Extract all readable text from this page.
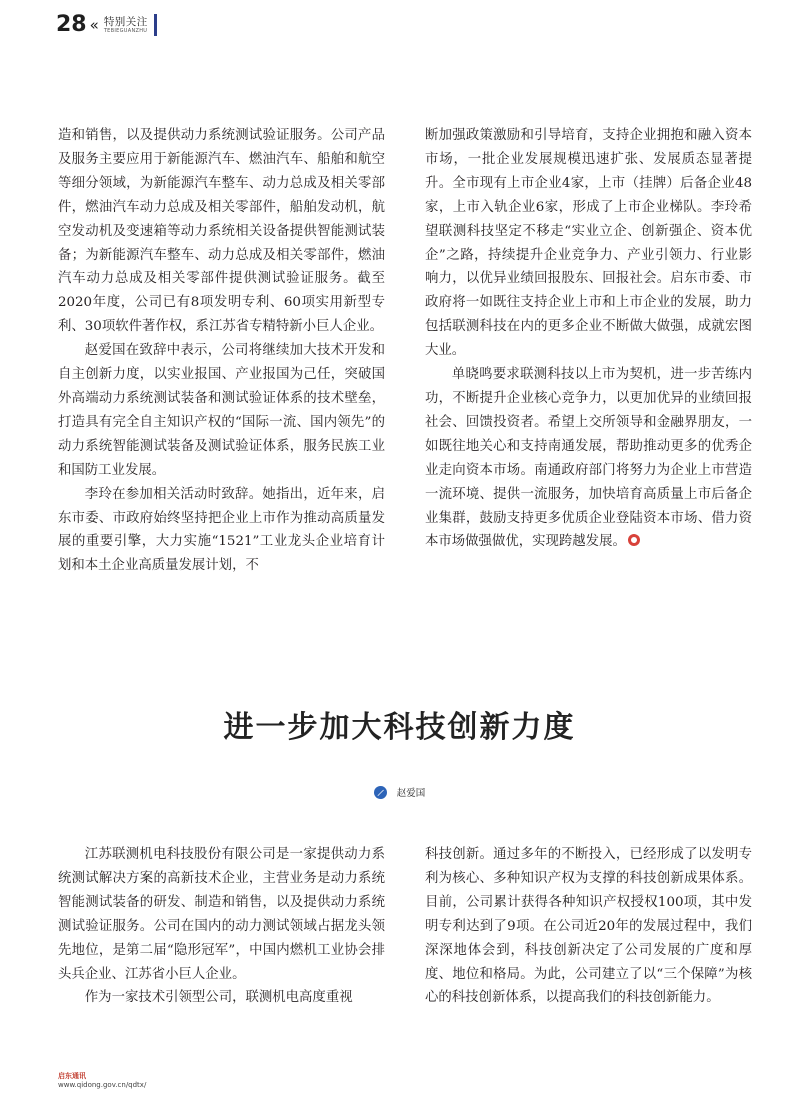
28 « 特别关注
TEBIEGUANZHU

造和销售，以及提供动力系统测试验证服务。公司产品及服务主要应用于新能源汽车、燃油汽车、船舶和航空等细分领域，为新能源汽车整车、动力总成及相关零部件，燃油汽车动力总成及相关零部件，船舶发动机，航空发动机及变速箱等动力系统相关设备提供智能测试装备；为新能源汽车整车、动力总成及相关零部件，燃油汽车动力总成及相关零部件提供测试验证服务。截至2020年度，公司已有8项发明专利、60项实用新型专利、30项软件著作权，系江苏省专精特新小巨人企业。

赵爱国在致辞中表示，公司将继续加大技术开发和自主创新力度，以实业报国、产业报国为己任，突破国外高端动力系统测试装备和测试验证体系的技术壁垒，打造具有完全自主知识产权的“国际一流、国内领先”的动力系统智能测试装备及测试验证体系，服务民族工业和国防工业发展。

李玲在参加相关活动时致辞。她指出，近年来，启东市委、市政府始终坚持把企业上市作为推动高质量发展的重要引擎，大力实施“1521”工业龙头企业培育计划和本土企业高质量发展计划，不

断加强政策激励和引导培育，支持企业拥抱和融入资本市场，一批企业发展规模迅速扩张、发展质态显著提升。全市现有上市企业4家，上市（挂牌）后备企业48家，上市入轨企业6家，形成了上市企业梯队。李玲希望联测科技坚定不移走“实业立企、创新强企、资本优企”之路，持续提升企业竞争力、产业引领力、行业影响力，以优异业绩回报股东、回报社会。启东市委、市政府将一如既往支持企业上市和上市企业的发展，助力包括联测科技在内的更多企业不断做大做强，成就宏图大业。

单晓鸣要求联测科技以上市为契机，进一步苦练内功，不断提升企业核心竞争力，以更加优异的业绩回报社会、回馈投资者。希望上交所领导和金融界朋友，一如既往地关心和支持南通发展，帮助推动更多的优秀企业走向资本市场。南通政府部门将努力为企业上市营造一流环境、提供一流服务，加快培育高质量上市后备企业集群，鼓励支持更多优质企业登陆资本市场、借力资本市场做强做优，实现跨越发展。

进一步加大科技创新力度
赵爱国

江苏联测机电科技股份有限公司是一家提供动力系统测试解决方案的高新技术企业，主营业务是动力系统智能测试装备的研发、制造和销售，以及提供动力系统测试验证服务。公司在国内的动力测试领域占据龙头领先地位，是第二届“隐形冠军”，中国内燃机工业协会排头兵企业、江苏省小巨人企业。

作为一家技术引领型公司，联测机电高度重视

科技创新。通过多年的不断投入，已经形成了以发明专利为核心、多种知识产权为支撑的科技创新成果体系。目前，公司累计获得各种知识产权授权100项，其中发明专利达到了9项。在公司近20年的发展过程中，我们深深地体会到，科技创新决定了公司发展的广度和厚度、地位和格局。为此，公司建立了以“三个保障”为核心的科技创新体系，以提高我们的科技创新能力。

启东通讯
www.qidong.gov.cn/qdtx/
